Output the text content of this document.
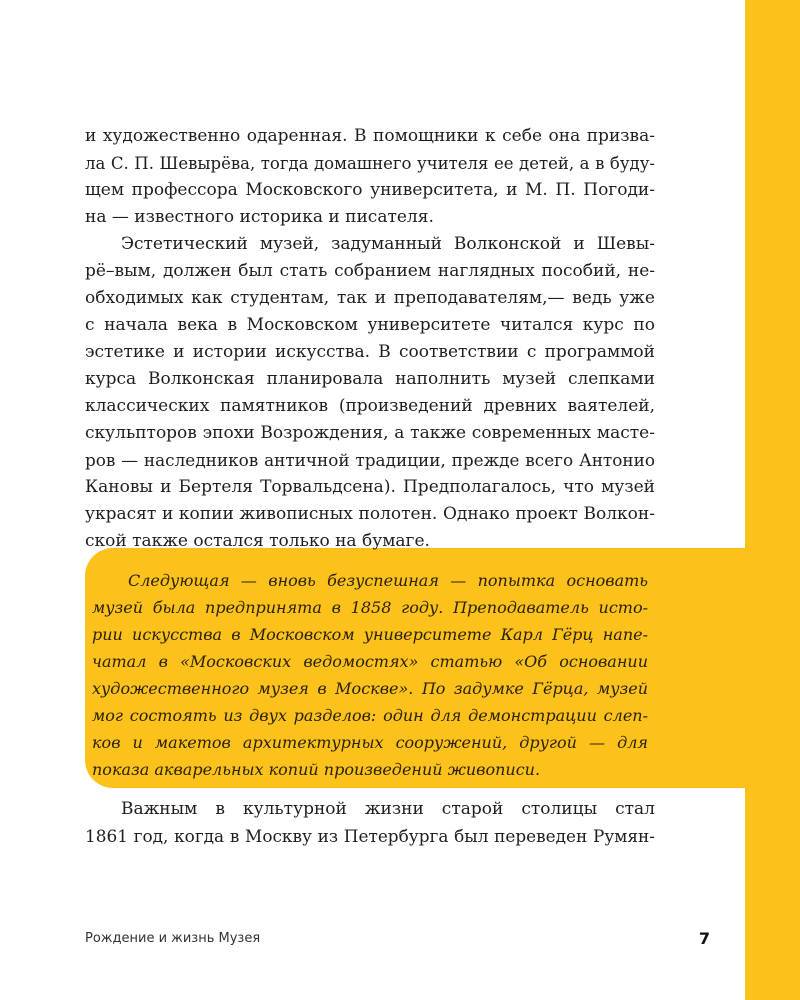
и художественно одаренная. В помощники к себе она призва-
ла С. П. Шевырёва, тогда домашнего учителя ее детей, а в буду-
щем профессора Московского университета, и М. П. Погоди-
на — известного историка и писателя.
Эстетический музей, задуманный Волконской и Шевы-
рё–вым, должен был стать собранием наглядных пособий, не-
обходимых как студентам, так и преподавателям,— ведь уже
с начала века в Московском университете читался курс по
эстетике и истории искусства. В соответствии с программой
курса Волконская планировала наполнить музей слепками
классических памятников (произведений древних ваятелей,
скульпторов эпохи Возрождения, а также современных масте-
ров — наследников античной традиции, прежде всего Антонио
Кановы и Бертеля Торвальдсена). Предполагалось, что музей
украсят и копии живописных полотен. Однако проект Волкон-
ской также остался только на бумаге.
Следующая — вновь безуспешная — попытка основать
музей была предпринята в 1858 году. Преподаватель исто-
рии искусства в Московском университете Карл Гёрц напе-
чатал в «Московских ведомостях» статью «Об основании
художественного музея в Москве». По задумке Гёрца, музей
мог состоять из двух разделов: один для демонстрации слеп-
ков и макетов архитектурных сооружений, другой — для
показа акварельных копий произведений живописи.
Важным в культурной жизни старой столицы стал
1861 год, когда в Москву из Петербурга был переведен Румян-
Рождение и жизнь Музея	7
